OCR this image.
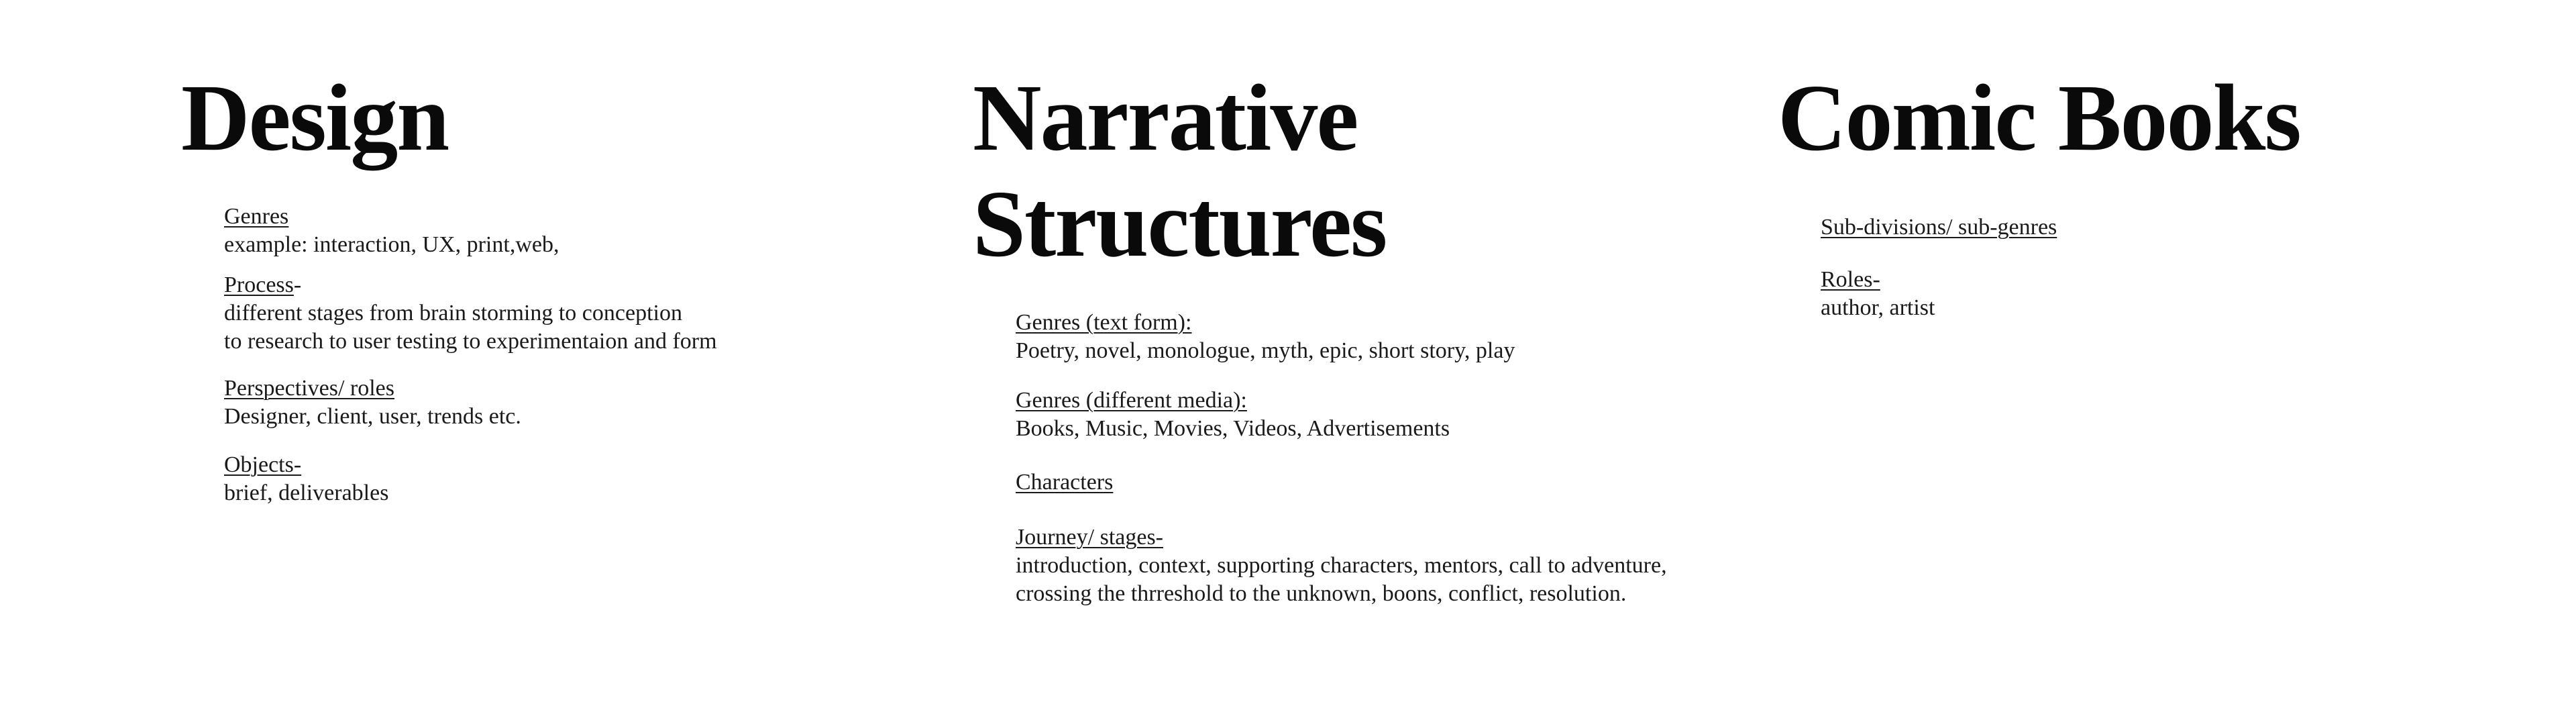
Design
Genres
example: interaction, UX, print,web,
Process-
different stages from brain storming to conception
to research to user testing to experimentaion and form
Perspectives/ roles
Designer, client, user, trends etc.
Objects-
brief, deliverables
Narrative
Structures
Genres (text form):
Poetry, novel, monologue, myth, epic, short story, play
Genres (different media):
Books, Music, Movies, Videos, Advertisements
Characters
Journey/ stages-
introduction, context, supporting characters, mentors, call to adventure,
crossing the thrreshold to the unknown, boons, conflict, resolution.
Comic Books
Sub-divisions/ sub-genres
Roles-
author, artist
